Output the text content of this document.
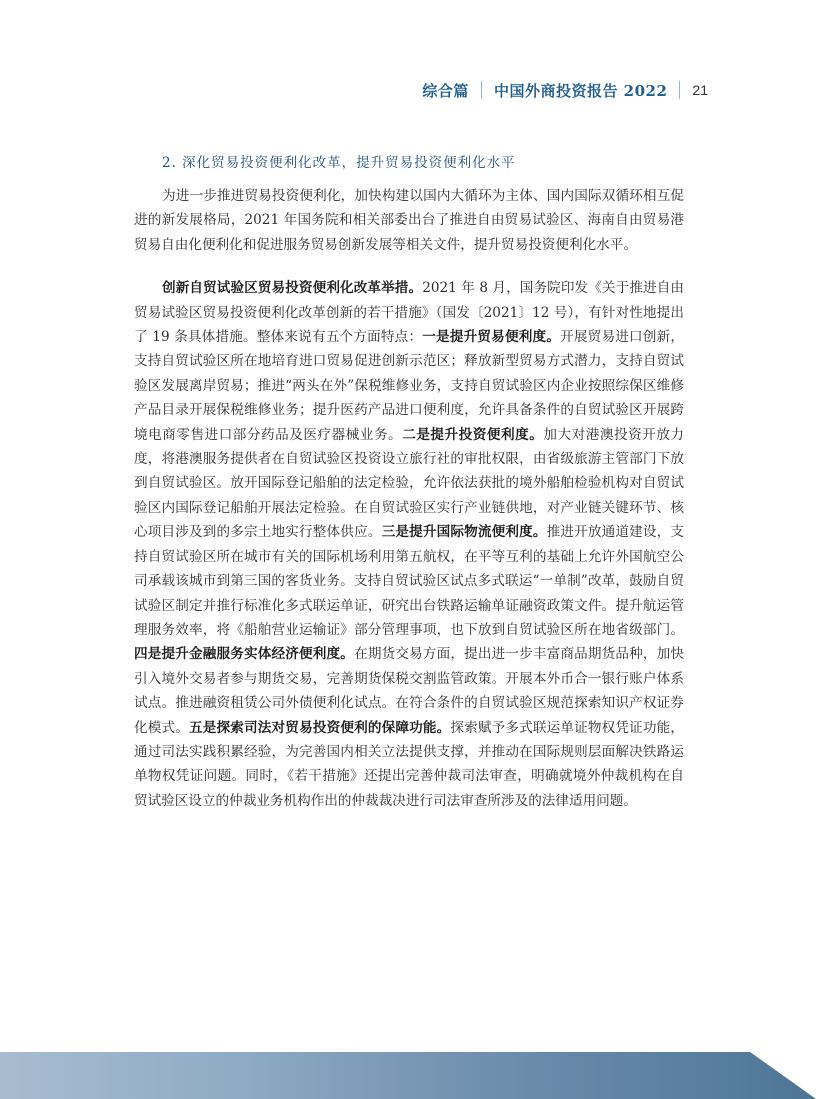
综合篇 中国外商投资报告 2022 21

2. 深化贸易投资便利化改革，提升贸易投资便利化水平

为进一步推进贸易投资便利化，加快构建以国内大循环为主体、国内国际双循环相互促进的新发展格局，2021 年国务院和相关部委出台了推进自由贸易试验区、海南自由贸易港贸易自由化便利化和促进服务贸易创新发展等相关文件，提升贸易投资便利化水平。

创新自贸试验区贸易投资便利化改革举措。2021 年 8 月，国务院印发《关于推进自由贸易试验区贸易投资便利化改革创新的若干措施》（国发〔2021〕12 号），有针对性地提出了 19 条具体措施。整体来说有五个方面特点：一是提升贸易便利度。开展贸易进口创新，支持自贸试验区所在地培育进口贸易促进创新示范区；释放新型贸易方式潜力，支持自贸试验区发展离岸贸易；推进“两头在外”保税维修业务，支持自贸试验区内企业按照综保区维修产品目录开展保税维修业务；提升医药产品进口便利度，允许具备条件的自贸试验区开展跨境电商零售进口部分药品及医疗器械业务。二是提升投资便利度。加大对港澳投资开放力度，将港澳服务提供者在自贸试验区投资设立旅行社的审批权限，由省级旅游主管部门下放到自贸试验区。放开国际登记船舶的法定检验，允许依法获批的境外船舶检验机构对自贸试验区内国际登记船舶开展法定检验。在自贸试验区实行产业链供地，对产业链关键环节、核心项目涉及到的多宗土地实行整体供应。三是提升国际物流便利度。推进开放通道建设，支持自贸试验区所在城市有关的国际机场利用第五航权，在平等互利的基础上允许外国航空公司承载该城市到第三国的客货业务。支持自贸试验区试点多式联运“一单制”改革，鼓励自贸试验区制定并推行标准化多式联运单证，研究出台铁路运输单证融资政策文件。提升航运管理服务效率，将《船舶营业运输证》部分管理事项，也下放到自贸试验区所在地省级部门。四是提升金融服务实体经济便利度。在期货交易方面，提出进一步丰富商品期货品种，加快引入境外交易者参与期货交易，完善期货保税交割监管政策。开展本外币合一银行账户体系试点。推进融资租赁公司外债便利化试点。在符合条件的自贸试验区规范探索知识产权证券化模式。五是探索司法对贸易投资便利的保障功能。探索赋予多式联运单证物权凭证功能，通过司法实践积累经验，为完善国内相关立法提供支撑，并推动在国际规则层面解决铁路运单物权凭证问题。同时，《若干措施》还提出完善仲裁司法审查，明确就境外仲裁机构在自贸试验区设立的仲裁业务机构作出的仲裁裁决进行司法审查所涉及的法律适用问题。
